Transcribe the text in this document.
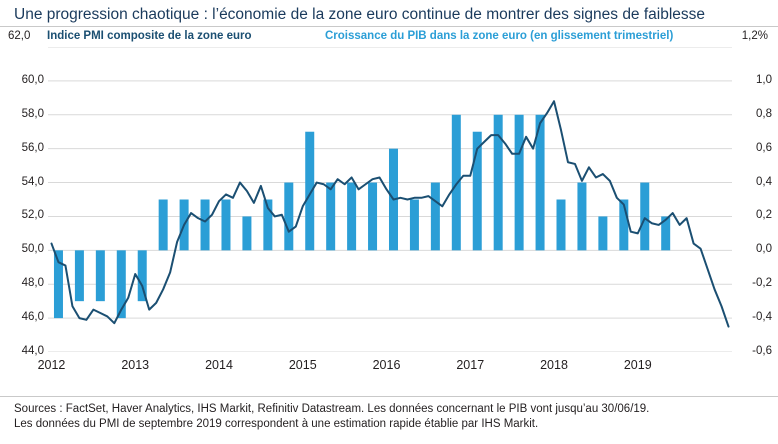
Une progression chaotique : l’économie de la zone euro continue de montrer des signes de faiblesse
Indice PMI composite de la zone euro	Croissance du PIB dans la zone euro (en glissement trimestriel)
62,0	1,2%
Sources : FactSet, Haver Analytics, IHS Markit, Refinitiv Datastream. Les données concernant le PIB vont jusqu’au 30/06/19.
Les données du PMI de septembre 2019 correspondent à une estimation rapide établie par IHS Markit.
44,0
46,0
48,0
50,0
52,0
54,0
56,0
58,0
60,0
-0,6
-0,4
-0,2
0,0
0,2
0,4
0,6
0,8
1,0
2012	2013	2014	2015	2016	2017	2018	2019
